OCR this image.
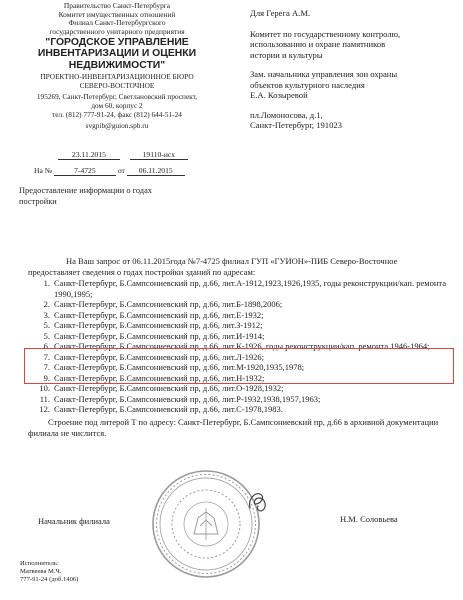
Правительство Санкт-Петербурга
Комитет имущественных отношений
Филиал Санкт-Петербургского
государственного унитарного предприятия
"ГОРОДСКОЕ УПРАВЛЕНИЕ
ИНВЕНТАРИЗАЦИИ И ОЦЕНКИ
НЕДВИЖИМОСТИ"
ПРОЕКТНО-ИНВЕНТАРИЗАЦИОННОЕ БЮРО
СЕВЕРО-ВОСТОЧНОЕ
195269, Санкт-Петербург, Светлановский проспект,
дом 60, корпус 2
тел. (812) 777-91-24, факс (812) 644-51-24
svgpib@guion.spb.ru
23.11.2015	19110-исх
На №	7-4725	от 06.11.2015

Для Герега А.М.

Комитет по государственному контролю,
использованию и охране памятников
истории и культуры

Зам. начальника управления зон охраны
объектов культурного наследия
Е.А. Козыревой

пл.Ломоносова, д.1,
Санкт-Петербург, 191023

Предоставление информации о годах
постройки
На Ваш запрос от 06.11.2015года №7-4725 филиал ГУП «ГУИОН»-ПИБ Северо-Восточное предоставляет сведения о годах постройки зданий по адресам:
1. Санкт-Петербург, Б.Сампсониевский пр, д.66, лит.А-1912,1923,1926,1935, годы реконструкции/кап. ремонта 1990,1995;
2. Санкт-Петербург, Б.Сампсониевский пр, д.66, лит.Б-1898,2006;
3. Санкт-Петербург, Б.Сампсониевский пр, д.66, лит.Е-1932;
5. Санкт-Петербург, Б.Сампсониевский пр, д.66, лит.З-1912;
5. Санкт-Петербург, Б.Сампсониевский пр, д.66, лит.И-1914;
6. Санкт-Петербург, Б.Сампсониевский пр, д.66, лит.К-1926, годы реконструкции/кап. ремонта 1946-1964;
7. Санкт-Петербург, Б.Сампсониевский пр, д.66, лит.Л-1926;
7. Санкт-Петербург, Б.Сампсониевский пр, д.66, лит.М-1920,1935,1978;
9. Санкт-Петербург, Б.Сампсониевский пр, д.66, лит.Н-1932;
10. Санкт-Петербург, Б.Сампсониевский пр, д.66, лит.О-1928,1932;
11. Санкт-Петербург, Б.Сампсониевский пр, д.66, лит.Р-1932,1938,1957,1963;
12. Санкт-Петербург, Б.Сампсониевский пр, д.66, лит.С-1978,1983.
Строение под литерой Т по адресу: Санкт-Петербург, Б.Сампсониевский пр, д.66 в архивной документации филиала не числится.
Начальник филиала	Н.М. Соловьева
Исполнитель:
Матвеева М.Ч.
777-91-24 (доб.1406)
